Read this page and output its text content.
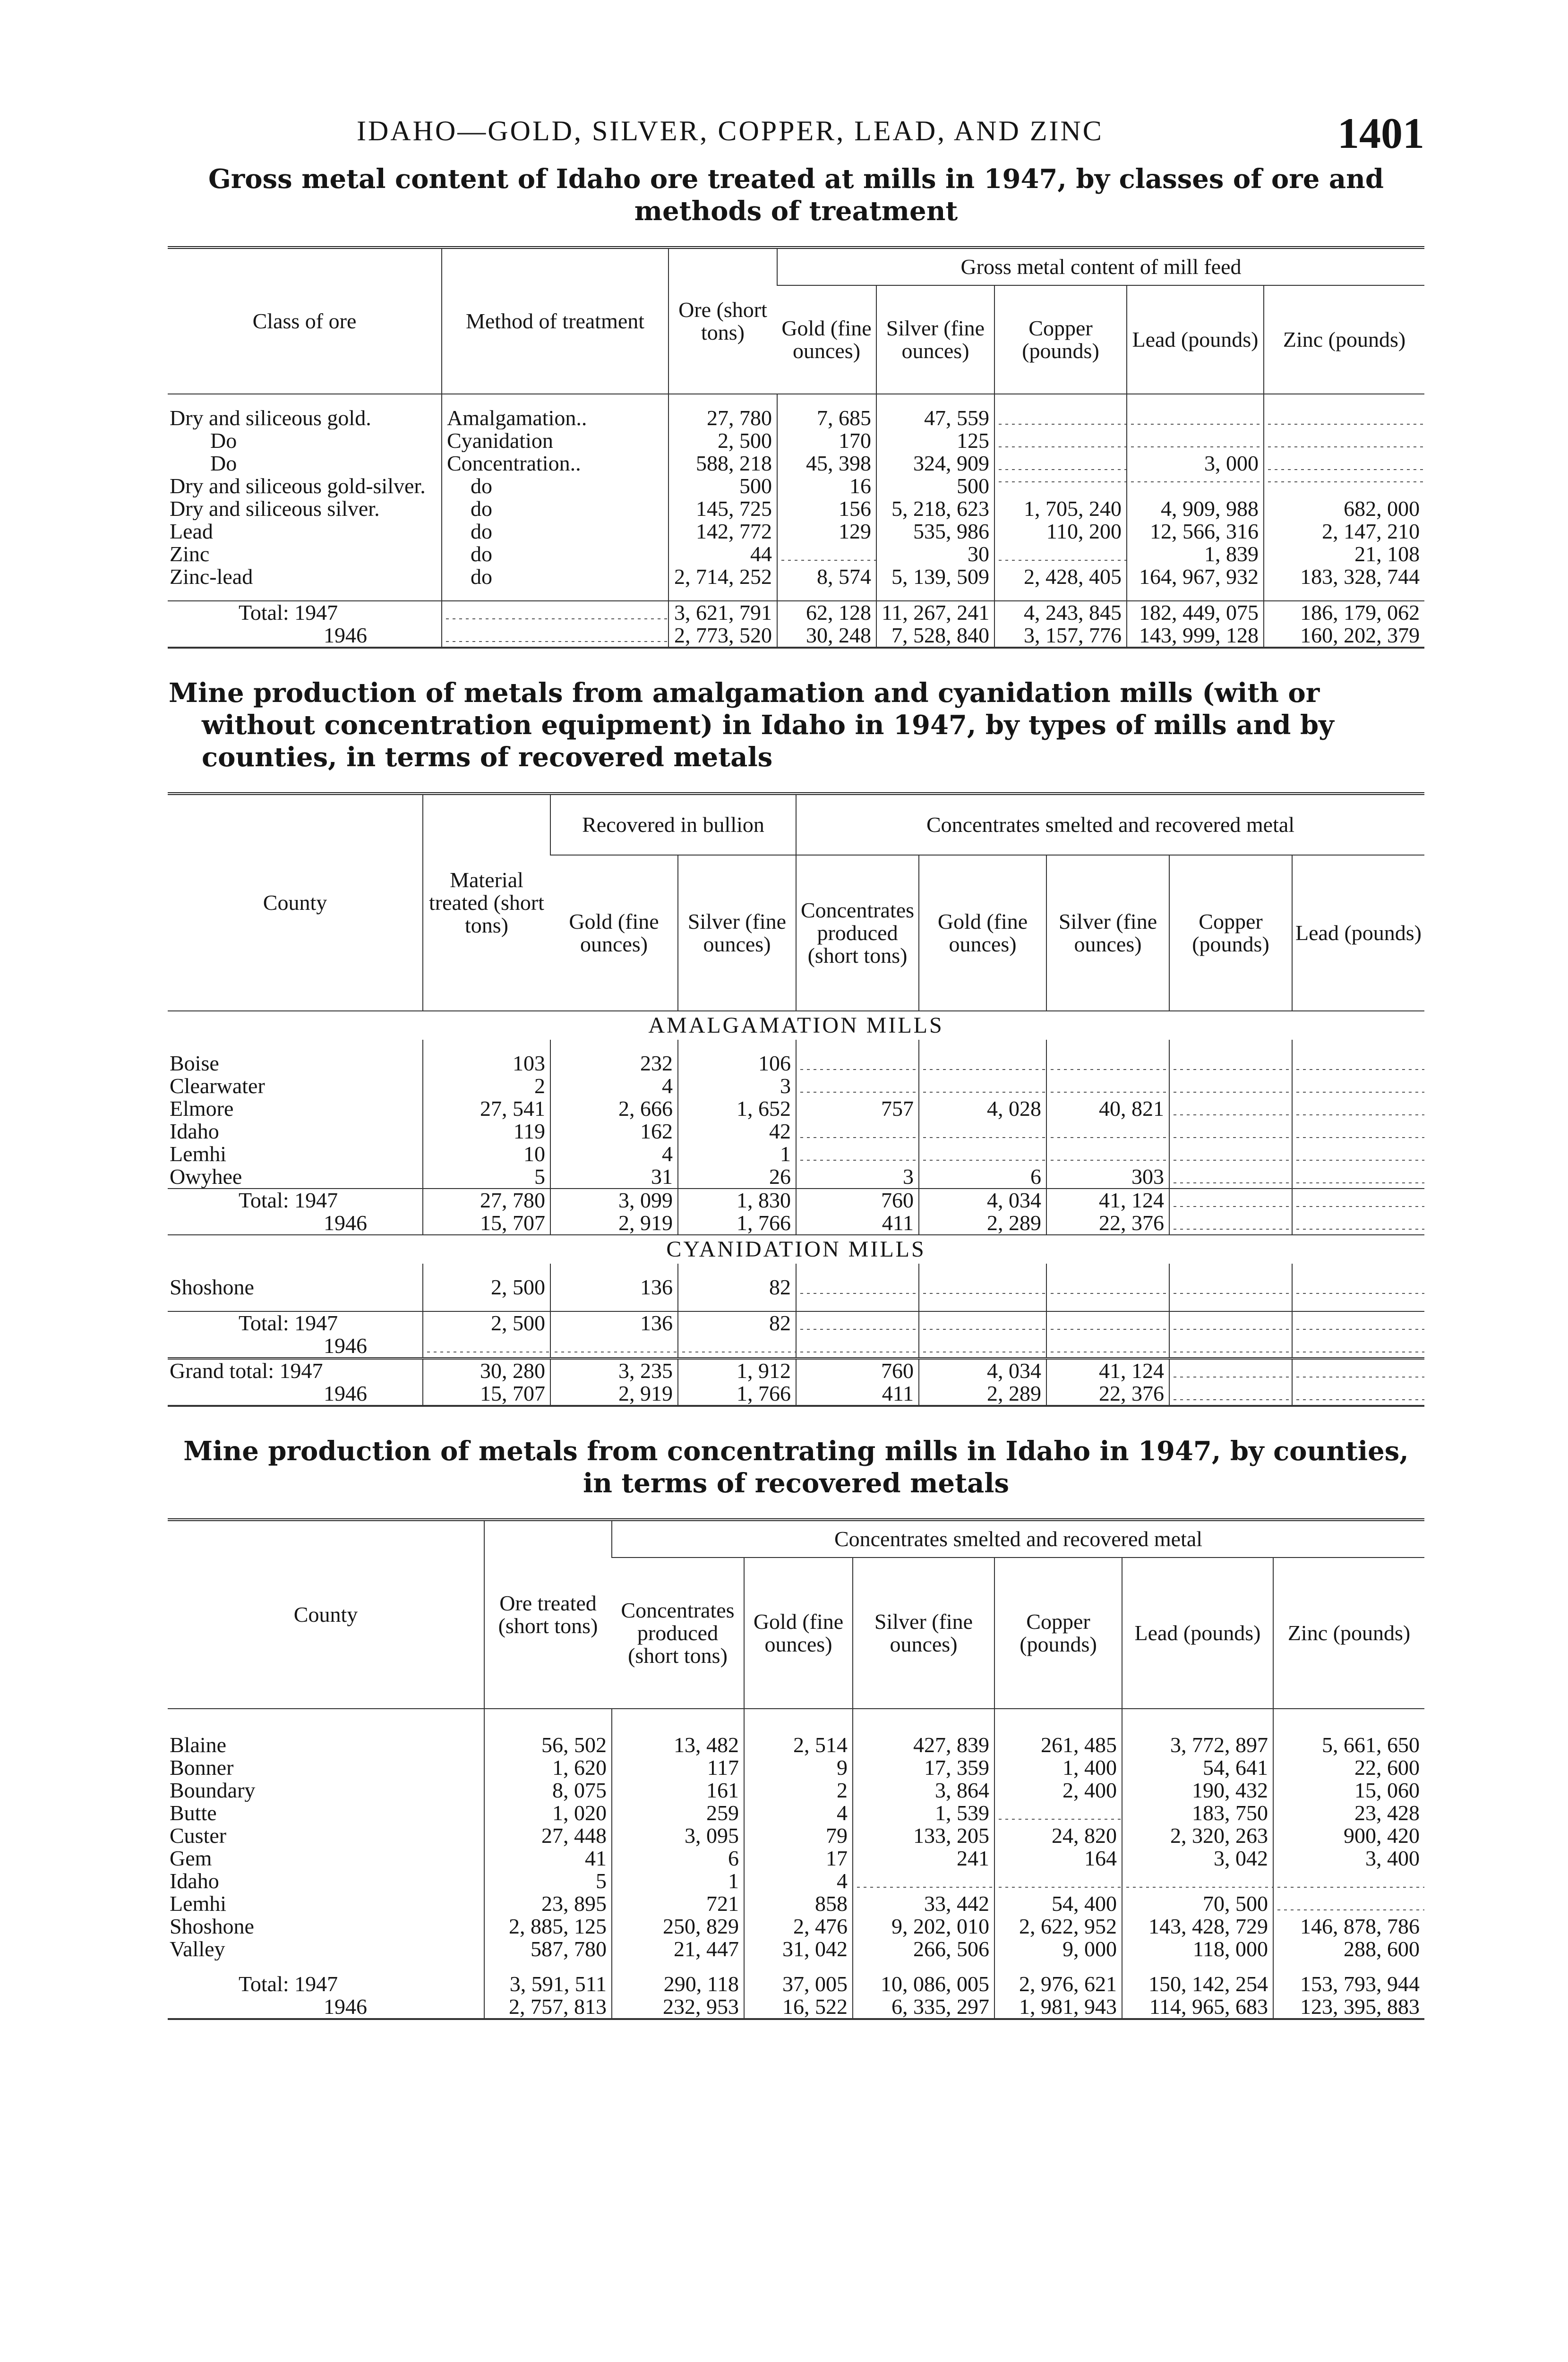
IDAHO—GOLD, SILVER, COPPER, LEAD, AND ZINC	1401
Gross metal content of Idaho ore treated at mills in 1947, by classes of ore and
methods of treatment
Class of ore	Method of treatment	Ore (short tons)	Gross metal content of mill feed				
			Gold (fine ounces)	Silver (fine ounces)	Copper (pounds)	Lead (pounds)	Zinc (pounds)

Dry and siliceous gold.	Amalgamation..	27, 780	7, 685	47, 559			
Do	Cyanidation	2, 500	170	125			
Do	Concentration..	588, 218	45, 398	324, 909		3, 000	
Dry and siliceous gold-silver.	do	500	16	500			
Dry and siliceous silver.	do	145, 725	156	5, 218, 623	1, 705, 240	4, 909, 988	682, 000
Lead	do	142, 772	129	535, 986	110, 200	12, 566, 316	2, 147, 210
Zinc	do	44		30		1, 839	21, 108
Zinc-lead	do	2, 714, 252	8, 574	5, 139, 509	2, 428, 405	164, 967, 932	183, 328, 744

Total: 1947		3, 621, 791	62, 128	11, 267, 241	4, 243, 845	182, 449, 075	186, 179, 062
1946		2, 773, 520	30, 248	7, 528, 840	3, 157, 776	143, 999, 128	160, 202, 379
Mine production of metals from amalgamation and cyanidation mills (with or
without concentration equipment) in Idaho in 1947, by types of mills and by
counties, in terms of recovered metals
County	Material treated (short tons)	Recovered in bullion		Concentrates smelted and recovered metal				
		Gold (fine ounces)	Silver (fine ounces)	Concentrates produced (short tons)	Gold (fine ounces)	Silver (fine ounces)	Copper (pounds)	Lead (pounds)
AMALGAMATION MILLS								

Boise	103	232	106					
Clearwater	2	4	3					
Elmore	27, 541	2, 666	1, 652	757	4, 028	40, 821		
Idaho	119	162	42					
Lemhi	10	4	1					
Owyhee	5	31	26	3	6	303		
Total: 1947	27, 780	3, 099	1, 830	760	4, 034	41, 124		
1946	15, 707	2, 919	1, 766	411	2, 289	22, 376		
CYANIDATION MILLS								

Shoshone	2, 500	136	82					

Total: 1947	2, 500	136	82					
1946								
Grand total: 1947	30, 280	3, 235	1, 912	760	4, 034	41, 124		
1946	15, 707	2, 919	1, 766	411	2, 289	22, 376		
Mine production of metals from concentrating mills in Idaho in 1947, by counties,
in terms of recovered metals
County	Ore treated (short tons)	Concentrates smelted and recovered metal					
		Concentrates produced (short tons)	Gold (fine ounces)	Silver (fine ounces)	Copper (pounds)	Lead (pounds)	Zinc (pounds)

Blaine	56, 502	13, 482	2, 514	427, 839	261, 485	3, 772, 897	5, 661, 650
Bonner	1, 620	117	9	17, 359	1, 400	54, 641	22, 600
Boundary	8, 075	161	2	3, 864	2, 400	190, 432	15, 060
Butte	1, 020	259	4	1, 539		183, 750	23, 428
Custer	27, 448	3, 095	79	133, 205	24, 820	2, 320, 263	900, 420
Gem	41	6	17	241	164	3, 042	3, 400
Idaho	5	1	4				
Lemhi	23, 895	721	858	33, 442	54, 400	70, 500	
Shoshone	2, 885, 125	250, 829	2, 476	9, 202, 010	2, 622, 952	143, 428, 729	146, 878, 786
Valley	587, 780	21, 447	31, 042	266, 506	9, 000	118, 000	288, 600

Total: 1947	3, 591, 511	290, 118	37, 005	10, 086, 005	2, 976, 621	150, 142, 254	153, 793, 944
1946	2, 757, 813	232, 953	16, 522	6, 335, 297	1, 981, 943	114, 965, 683	123, 395, 883
